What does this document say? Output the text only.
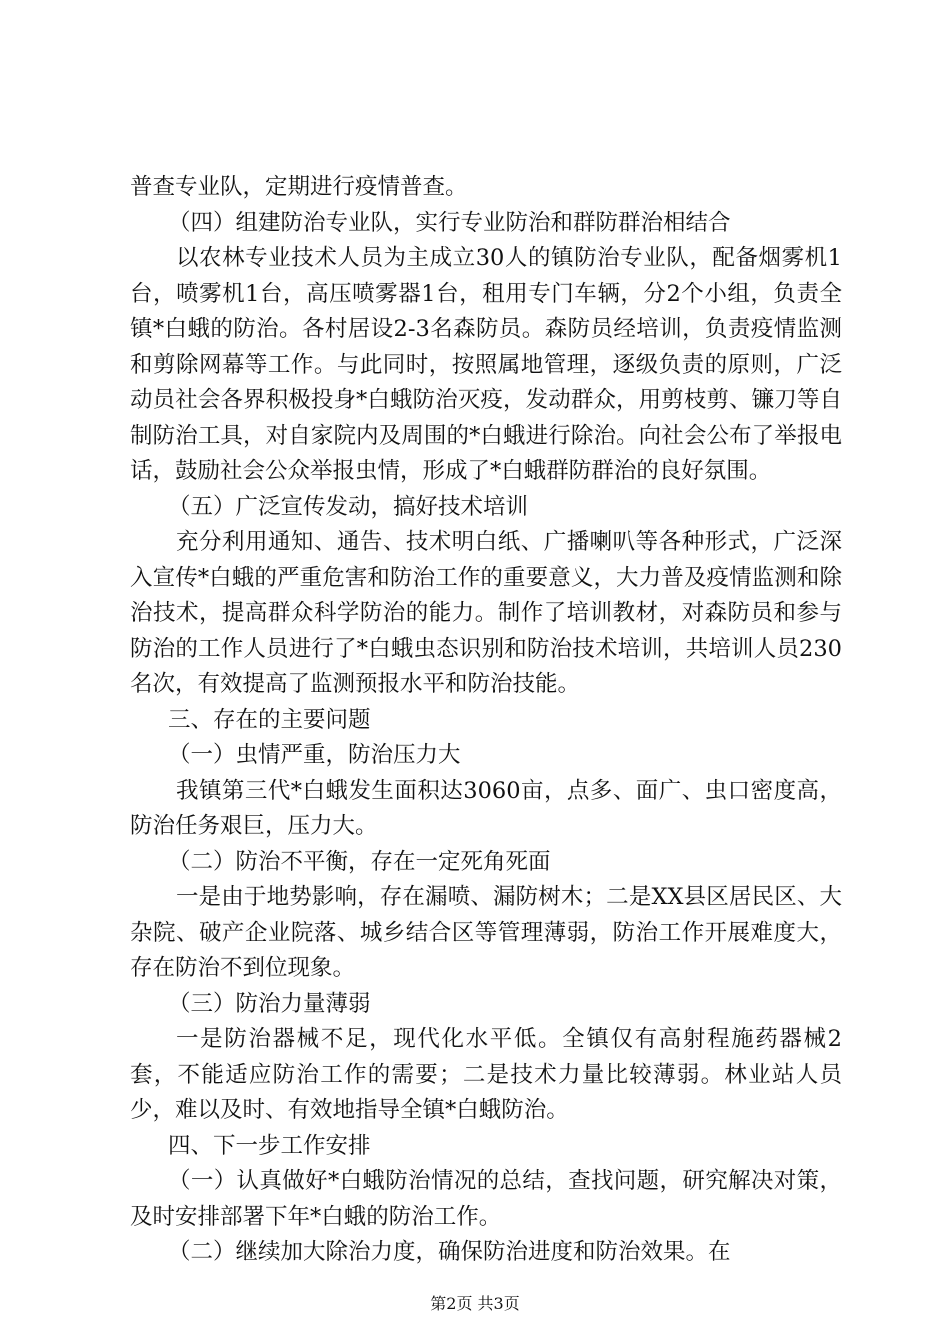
普查专业队，定期进行疫情普查。

（四）组建防治专业队，实行专业防治和群防群治相结合

以农林专业技术人员为主成立30人的镇防治专业队，配备烟雾机1台，喷雾机1台，高压喷雾器1台，租用专门车辆，分2个小组，负责全镇*白蛾的防治。各村居设2-3名森防员。森防员经培训，负责疫情监测和剪除网幕等工作。与此同时，按照属地管理，逐级负责的原则，广泛动员社会各界积极投身*白蛾防治灭疫，发动群众，用剪枝剪、镰刀等自制防治工具，对自家院内及周围的*白蛾进行除治。向社会公布了举报电话，鼓励社会公众举报虫情，形成了*白蛾群防群治的良好氛围。

（五）广泛宣传发动，搞好技术培训

充分利用通知、通告、技术明白纸、广播喇叭等各种形式，广泛深入宣传*白蛾的严重危害和防治工作的重要意义，大力普及疫情监测和除治技术，提高群众科学防治的能力。制作了培训教材，对森防员和参与防治的工作人员进行了*白蛾虫态识别和防治技术培训，共培训人员230名次，有效提高了监测预报水平和防治技能。

三、存在的主要问题

（一）虫情严重，防治压力大

我镇第三代*白蛾发生面积达3060亩，点多、面广、虫口密度高，防治任务艰巨，压力大。

（二）防治不平衡，存在一定死角死面

一是由于地势影响，存在漏喷、漏防树木；二是XX县区居民区、大杂院、破产企业院落、城乡结合区等管理薄弱，防治工作开展难度大，存在防治不到位现象。

（三）防治力量薄弱

一是防治器械不足，现代化水平低。全镇仅有高射程施药器械2套，不能适应防治工作的需要；二是技术力量比较薄弱。林业站人员少，难以及时、有效地指导全镇*白蛾防治。

四、下一步工作安排

（一）认真做好*白蛾防治情况的总结，查找问题，研究解决对策，及时安排部署下年*白蛾的防治工作。

（二）继续加大除治力度，确保防治进度和防治效果。在

第2页 共3页
